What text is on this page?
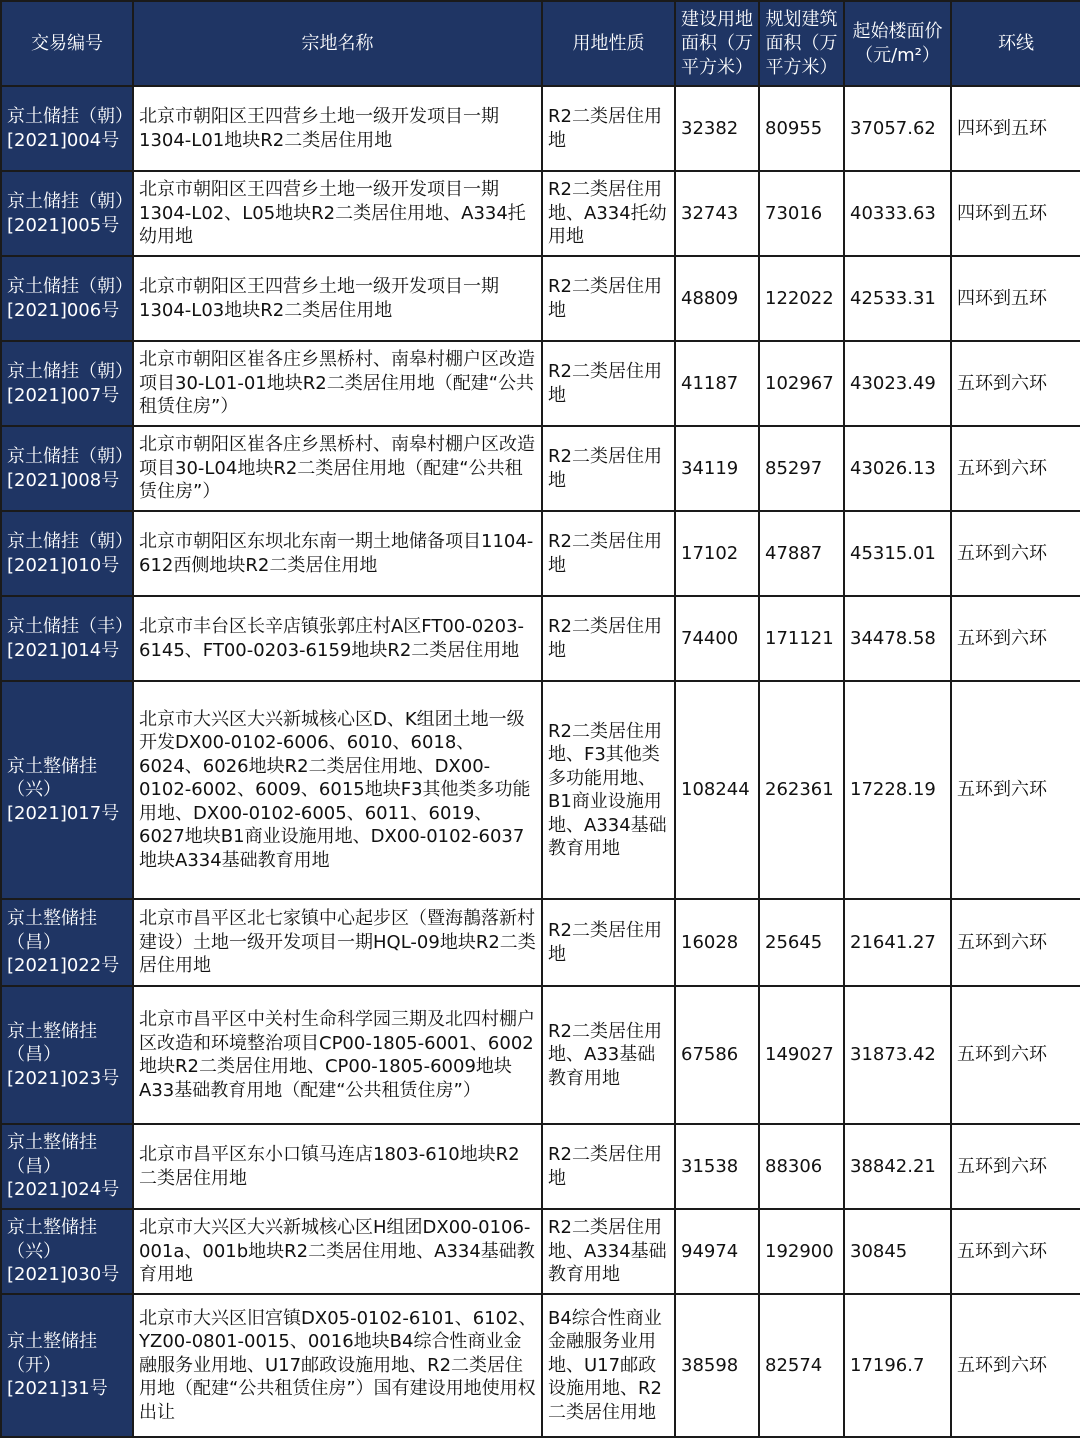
交易编号	宗地名称	用地性质	建设用地面积（万平方米）	规划建筑面积（万平方米）	起始楼面价（元/m²）	环线
京土储挂（朝）[2021]004号	北京市朝阳区王四营乡土地一级开发项目一期1304-L01地块R2二类居住用地	R2二类居住用地	32382	80955	37057.62	四环到五环
京土储挂（朝）[2021]005号	北京市朝阳区王四营乡土地一级开发项目一期1304-L02、L05地块R2二类居住用地、A334托幼用地	R2二类居住用地、A334托幼用地	32743	73016	40333.63	四环到五环
京土储挂（朝）[2021]006号	北京市朝阳区王四营乡土地一级开发项目一期1304-L03地块R2二类居住用地	R2二类居住用地	48809	122022	42533.31	四环到五环
京土储挂（朝）[2021]007号	北京市朝阳区崔各庄乡黑桥村、南皋村棚户区改造项目30-L01-01地块R2二类居住用地（配建“公共租赁住房”）	R2二类居住用地	41187	102967	43023.49	五环到六环
京土储挂（朝）[2021]008号	北京市朝阳区崔各庄乡黑桥村、南皋村棚户区改造项目30-L04地块R2二类居住用地（配建“公共租赁住房”）	R2二类居住用地	34119	85297	43026.13	五环到六环
京土储挂（朝）[2021]010号	北京市朝阳区东坝北东南一期土地储备项目1104-612西侧地块R2二类居住用地	R2二类居住用地	17102	47887	45315.01	五环到六环
京土储挂（丰）[2021]014号	北京市丰台区长辛店镇张郭庄村A区FT00-0203-6145、FT00-0203-6159地块R2二类居住用地	R2二类居住用地	74400	171121	34478.58	五环到六环
京土整储挂（兴）[2021]017号	北京市大兴区大兴新城核心区D、K组团土地一级开发DX00-0102-6006、6010、6018、6024、6026地块R2二类居住用地、DX00-0102-6002、6009、6015地块F3其他类多功能用地、DX00-0102-6005、6011、6019、6027地块B1商业设施用地、DX00-0102-6037地块A334基础教育用地	R2二类居住用地、F3其他类多功能用地、B1商业设施用地、A334基础教育用地	108244	262361	17228.19	五环到六环
京土整储挂（昌）[2021]022号	北京市昌平区北七家镇中心起步区（暨海鶄落新村建设）土地一级开发项目一期HQL-09地块R2二类居住用地	R2二类居住用地	16028	25645	21641.27	五环到六环
京土整储挂（昌）[2021]023号	北京市昌平区中关村生命科学园三期及北四村棚户区改造和环境整治项目CP00-1805-6001、6002地块R2二类居住用地、CP00-1805-6009地块A33基础教育用地（配建“公共租赁住房”）	R2二类居住用地、A33基础教育用地	67586	149027	31873.42	五环到六环
京土整储挂（昌）[2021]024号	北京市昌平区东小口镇马连店1803-610地块R2二类居住用地	R2二类居住用地	31538	88306	38842.21	五环到六环
京土整储挂（兴）[2021]030号	北京市大兴区大兴新城核心区H组团DX00-0106-001a、001b地块R2二类居住用地、A334基础教育用地	R2二类居住用地、A334基础教育用地	94974	192900	30845	五环到六环
京土整储挂（开）[2021]31号	北京市大兴区旧宫镇DX05-0102-6101、6102、YZ00-0801-0015、0016地块B4综合性商业金融服务业用地、U17邮政设施用地、R2二类居住用地（配建“公共租赁住房”）国有建设用地使用权出让	B4综合性商业金融服务业用地、U17邮政设施用地、R2二类居住用地	38598	82574	17196.7	五环到六环
